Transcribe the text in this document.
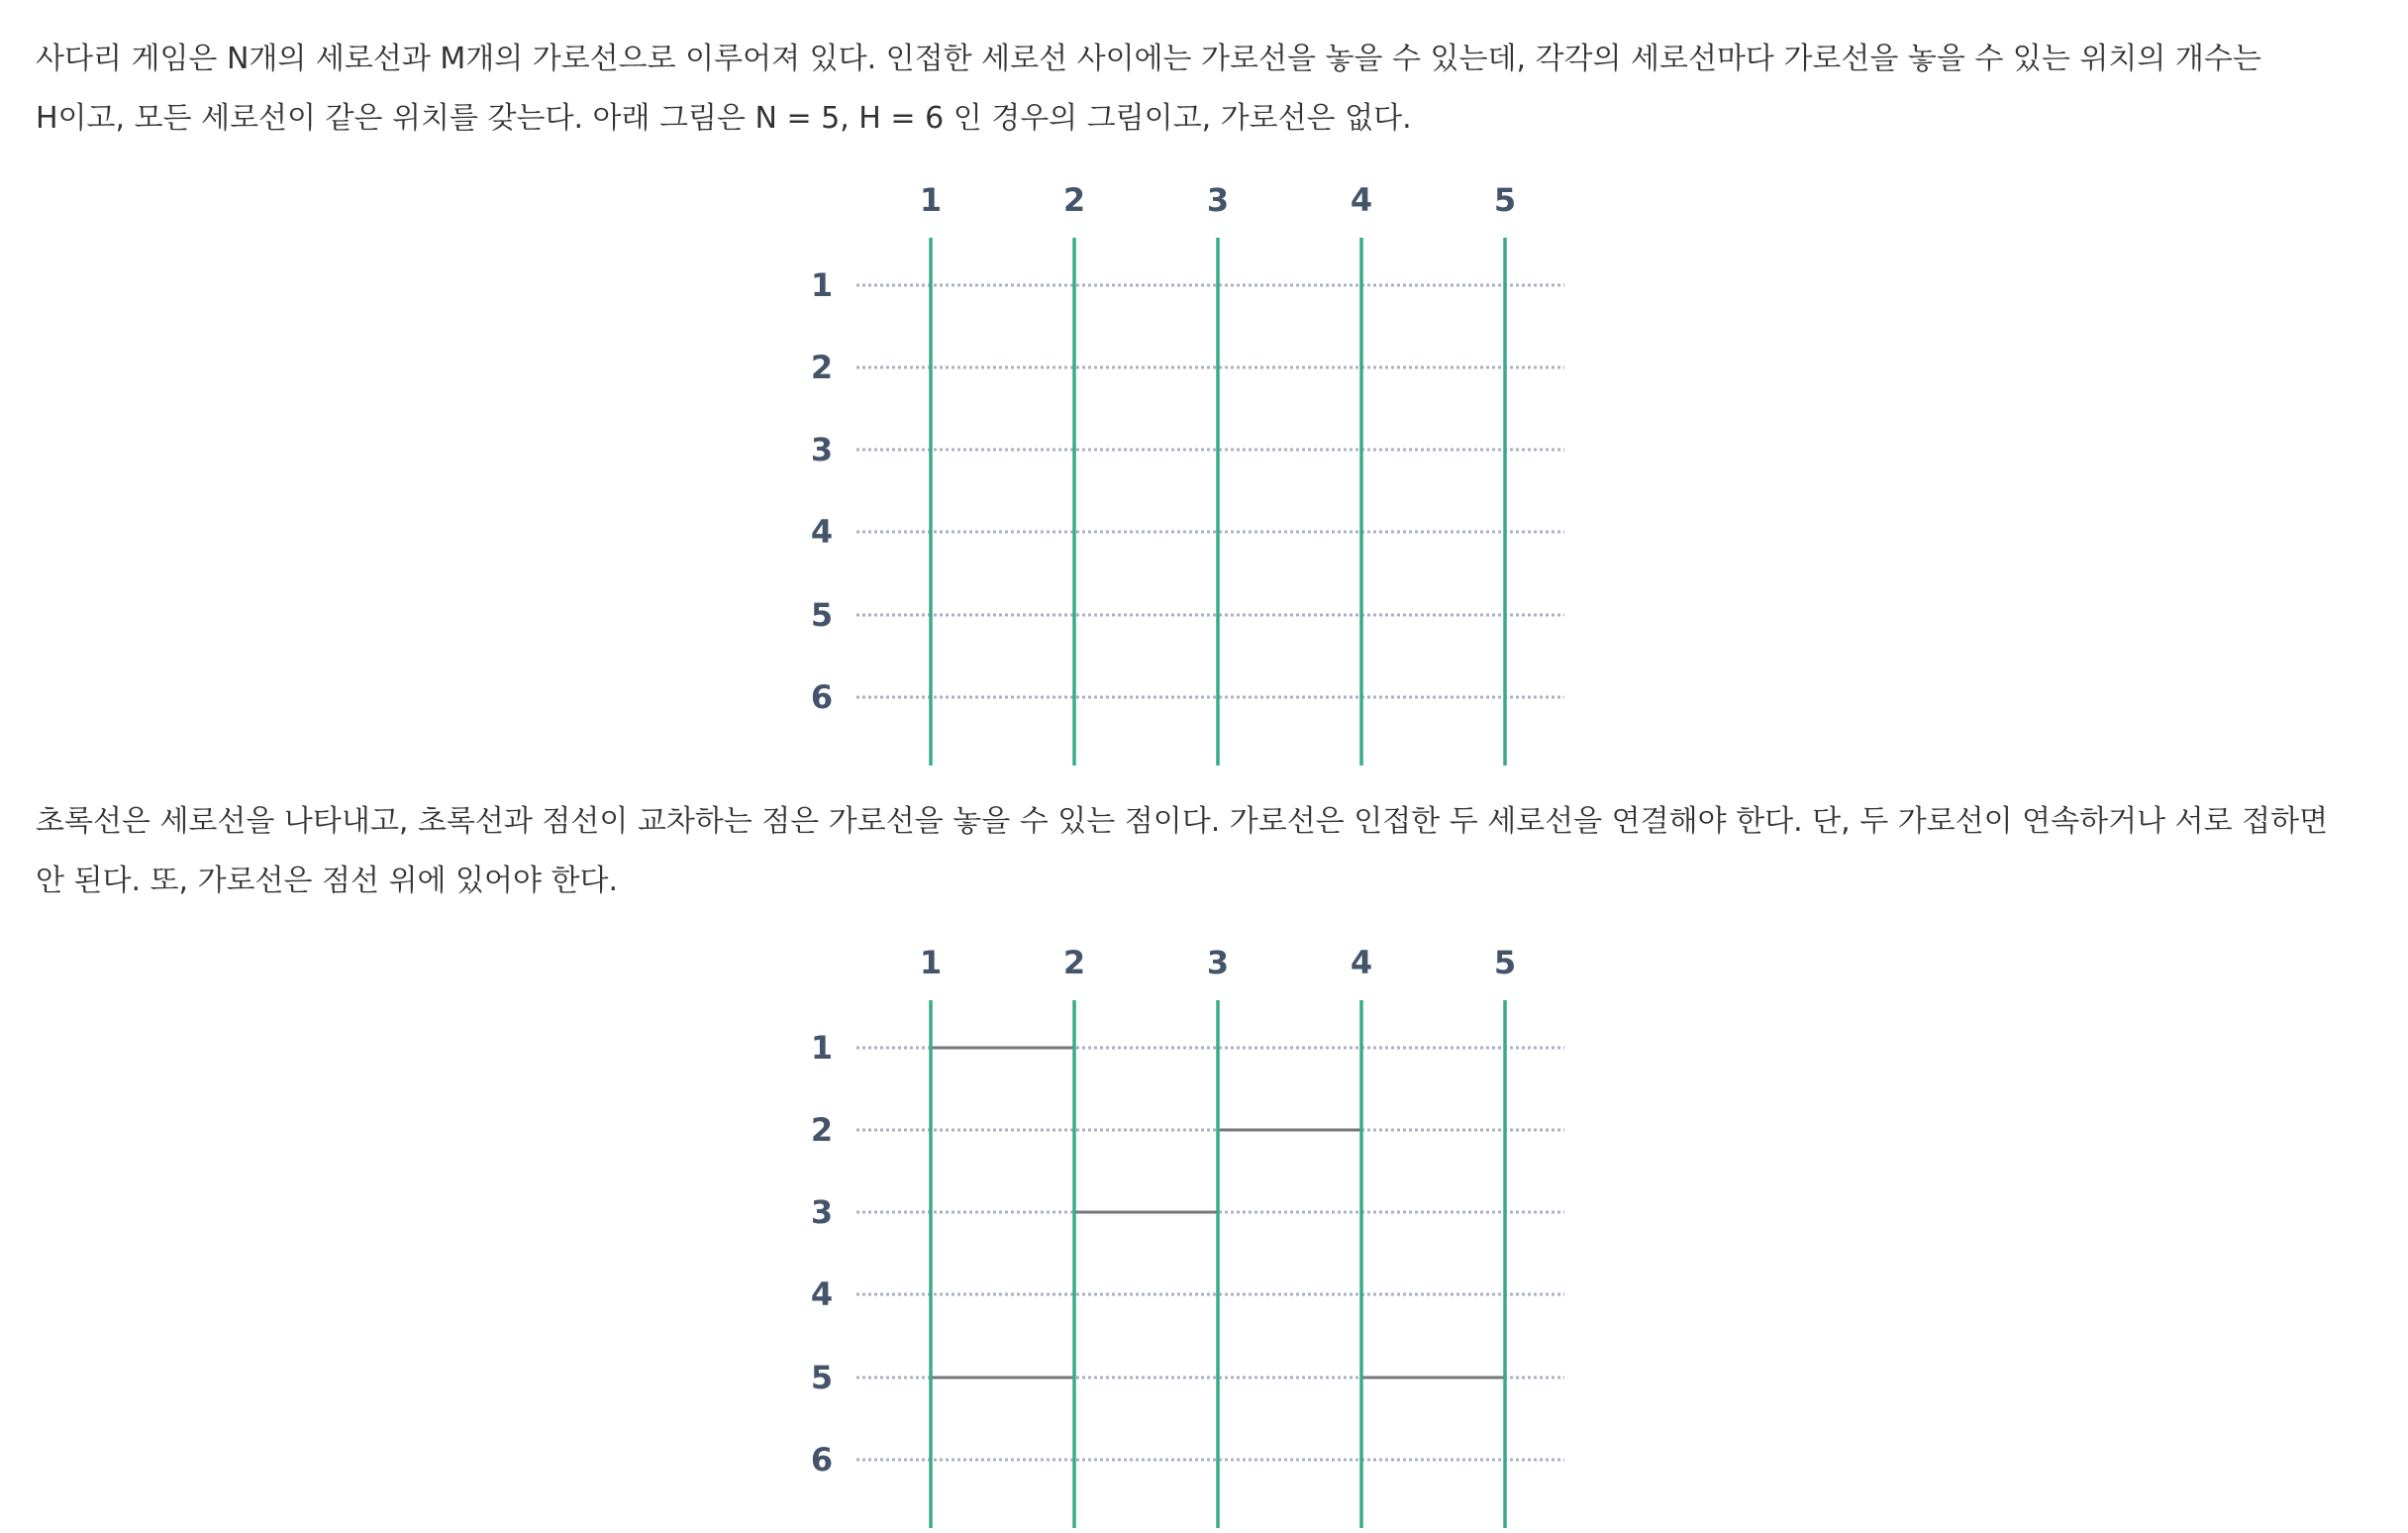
사다리 게임은 N개의 세로선과 M개의 가로선으로 이루어져 있다. 인접한 세로선 사이에는 가로선을 놓을 수 있는데, 각각의 세로선마다 가로선을 놓을 수 있는 위치의 개수는 H이고, 모든 세로선이 같은 위치를 갖는다. 아래 그림은 N = 5, H = 6 인 경우의 그림이고, 가로선은 없다.

1	2	3	4	5
1
2
3
4
5
6

초록선은 세로선을 나타내고, 초록선과 점선이 교차하는 점은 가로선을 놓을 수 있는 점이다. 가로선은 인접한 두 세로선을 연결해야 한다. 단, 두 가로선이 연속하거나 서로 접하면 안 된다. 또, 가로선은 점선 위에 있어야 한다.

1	2	3	4	5
1
2
3
4
5
6
